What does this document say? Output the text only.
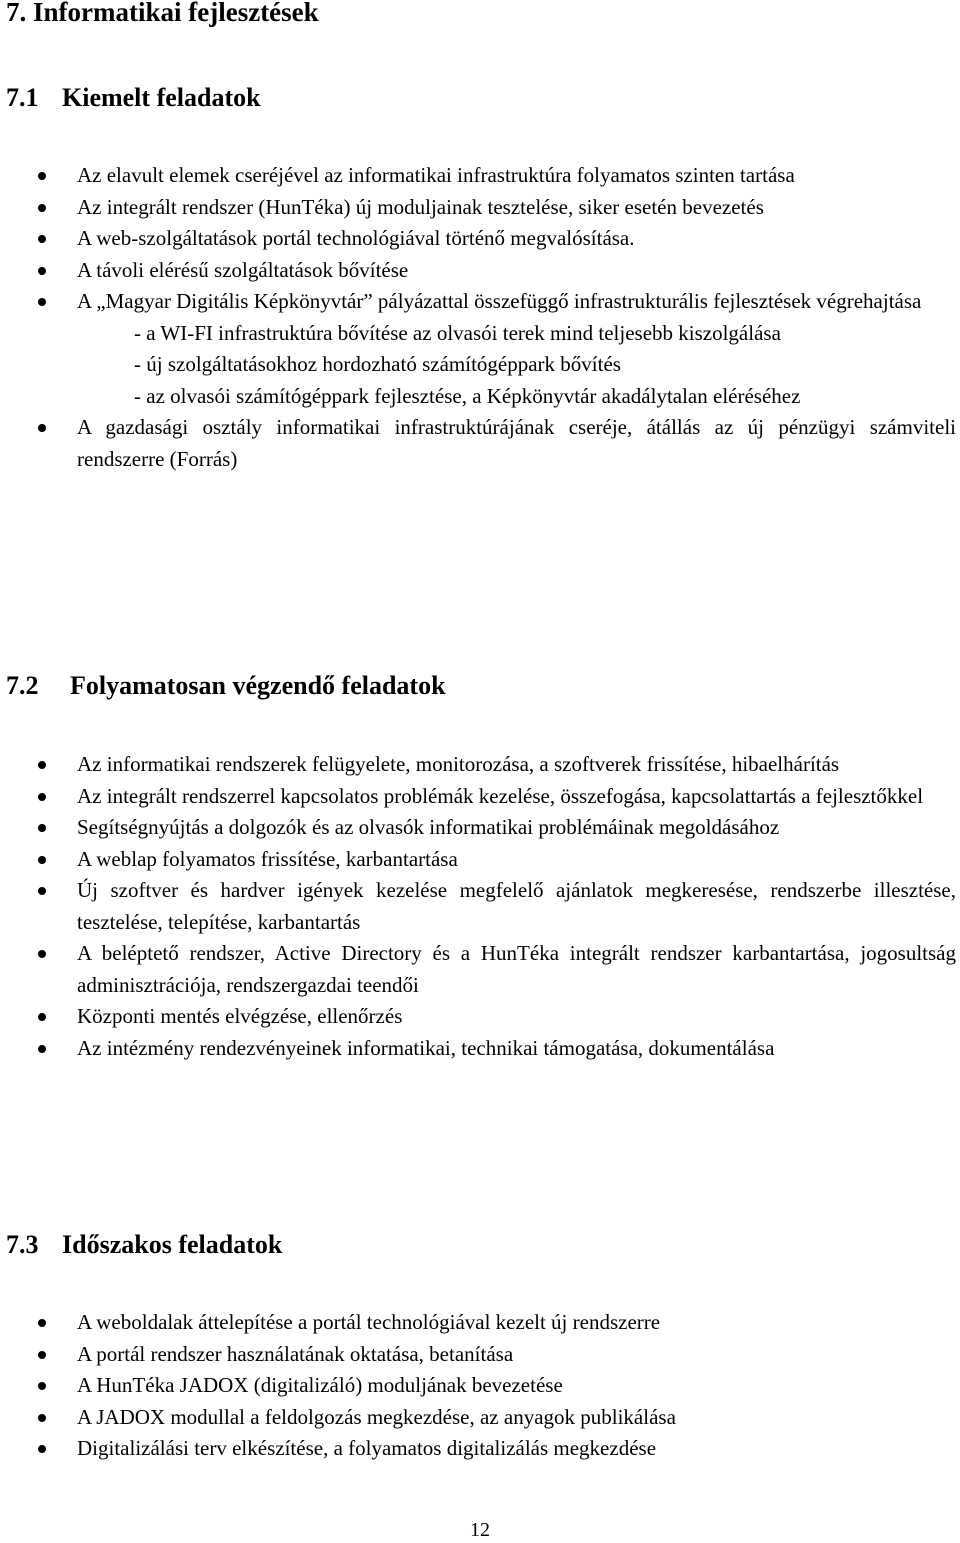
7. Informatikai fejlesztések
7.1 Kiemelt feladatok
Az elavult elemek cseréjével az informatikai infrastruktúra folyamatos szinten tartása
Az integrált rendszer (HunTéka) új moduljainak tesztelése, siker esetén bevezetés
A web-szolgáltatások portál technológiával történő megvalósítása.
A távoli elérésű szolgáltatások bővítése
A „Magyar Digitális Képkönyvtár” pályázattal összefüggő infrastrukturális fejlesztések végrehajtása
- a WI-FI infrastruktúra bővítése az olvasói terek mind teljesebb kiszolgálása
- új szolgáltatásokhoz hordozható számítógéppark bővítés
- az olvasói számítógéppark fejlesztése, a Képkönyvtár akadálytalan eléréséhez
A gazdasági osztály informatikai infrastruktúrájának cseréje, átállás az új pénzügyi számviteli rendszerre (Forrás)
7.2 Folyamatosan végzendő feladatok
Az informatikai rendszerek felügyelete, monitorozása, a szoftverek frissítése, hibaelhárítás
Az integrált rendszerrel kapcsolatos problémák kezelése, összefogása, kapcsolattartás a fejlesztőkkel
Segítségnyújtás a dolgozók és az olvasók informatikai problémáinak megoldásához
A weblap folyamatos frissítése, karbantartása
Új szoftver és hardver igények kezelése megfelelő ajánlatok megkeresése, rendszerbe illesztése, tesztelése, telepítése, karbantartás
A beléptető rendszer, Active Directory és a HunTéka integrált rendszer karbantartása, jogosultság adminisztrációja, rendszergazdai teendői
Központi mentés elvégzése, ellenőrzés
Az intézmény rendezvényeinek informatikai, technikai támogatása, dokumentálása
7.3 Időszakos feladatok
A weboldalak áttelepítése a portál technológiával kezelt új rendszerre
A portál rendszer használatának oktatása, betanítása
A HunTéka JADOX (digitalizáló) moduljának bevezetése
A JADOX modullal a feldolgozás megkezdése, az anyagok publikálása
Digitalizálási terv elkészítése, a folyamatos digitalizálás megkezdése
12
